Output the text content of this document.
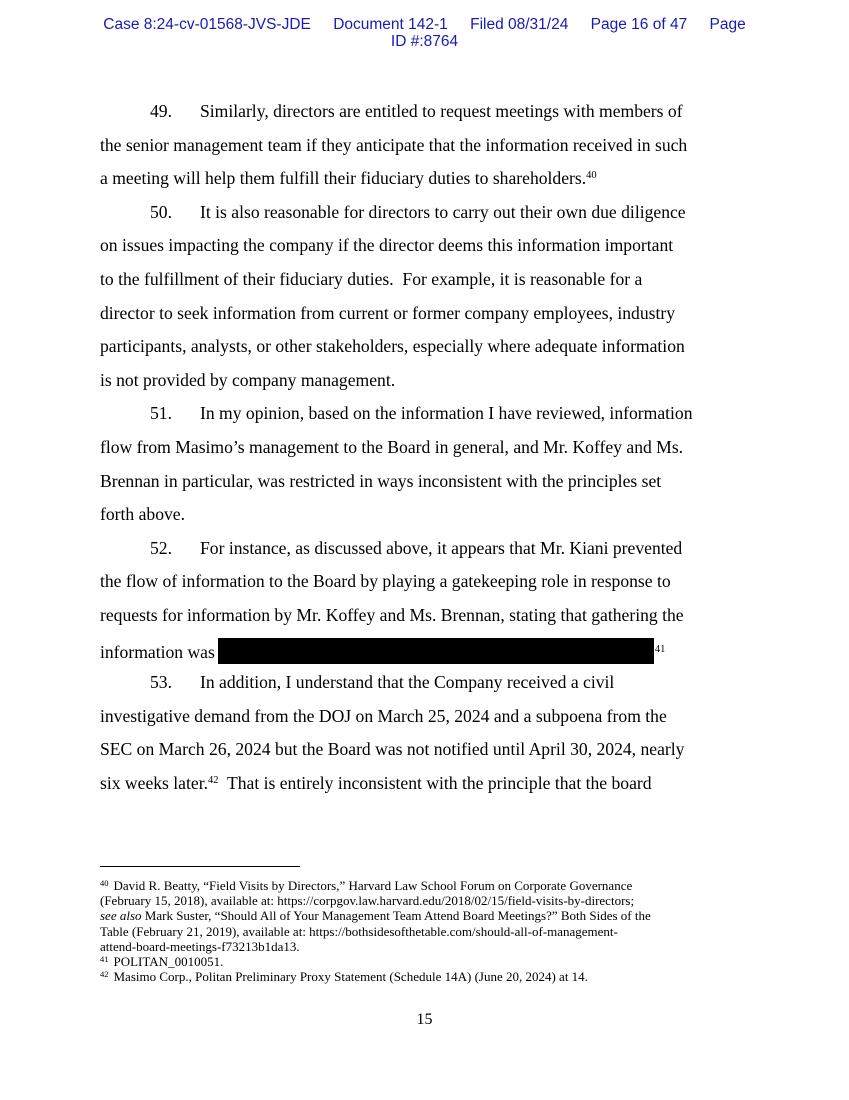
Case 8:24-cv-01568-JVS-JDE Document 142-1 Filed 08/31/24 Page 16 of 47 Page
ID #:8764
49. Similarly, directors are entitled to request meetings with members of
the senior management team if they anticipate that the information received in such
a meeting will help them fulfill their fiduciary duties to shareholders.$^{40}$
50. It is also reasonable for directors to carry out their own due diligence
on issues impacting the company if the director deems this information important
to the fulfillment of their fiduciary duties.  For example, it is reasonable for a
director to seek information from current or former company employees, industry
participants, analysts, or other stakeholders, especially where adequate information
is not provided by company management.
51. In my opinion, based on the information I have reviewed, information
flow from Masimo’s management to the Board in general, and Mr. Koffey and Ms.
Brennan in particular, was restricted in ways inconsistent with the principles set
forth above.
52. For instance, as discussed above, it appears that Mr. Kiani prevented
the flow of information to the Board by playing a gatekeeping role in response to
requests for information by Mr. Koffey and Ms. Brennan, stating that gathering the
information was	$^{41}$
53. In addition, I understand that the Company received a civil
investigative demand from the DOJ on March 25, 2024 and a subpoena from the
SEC on March 26, 2024 but the Board was not notified until April 30, 2024, nearly
six weeks later.$^{42}$  That is entirely inconsistent with the principle that the board
$^{40}$ David R. Beatty, “Field Visits by Directors,” Harvard Law School Forum on Corporate Governance
(February 15, 2018), available at: https://corpgov.law.harvard.edu/2018/02/15/field-visits-by-directors;
see also Mark Suster, “Should All of Your Management Team Attend Board Meetings?” Both Sides of the
Table (February 21, 2019), available at: https://bothsidesofthetable.com/should-all-of-management-
attend-board-meetings-f73213b1da13.
$^{41}$ POLITAN_0010051.
$^{42}$ Masimo Corp., Politan Preliminary Proxy Statement (Schedule 14A) (June 20, 2024) at 14.
15
